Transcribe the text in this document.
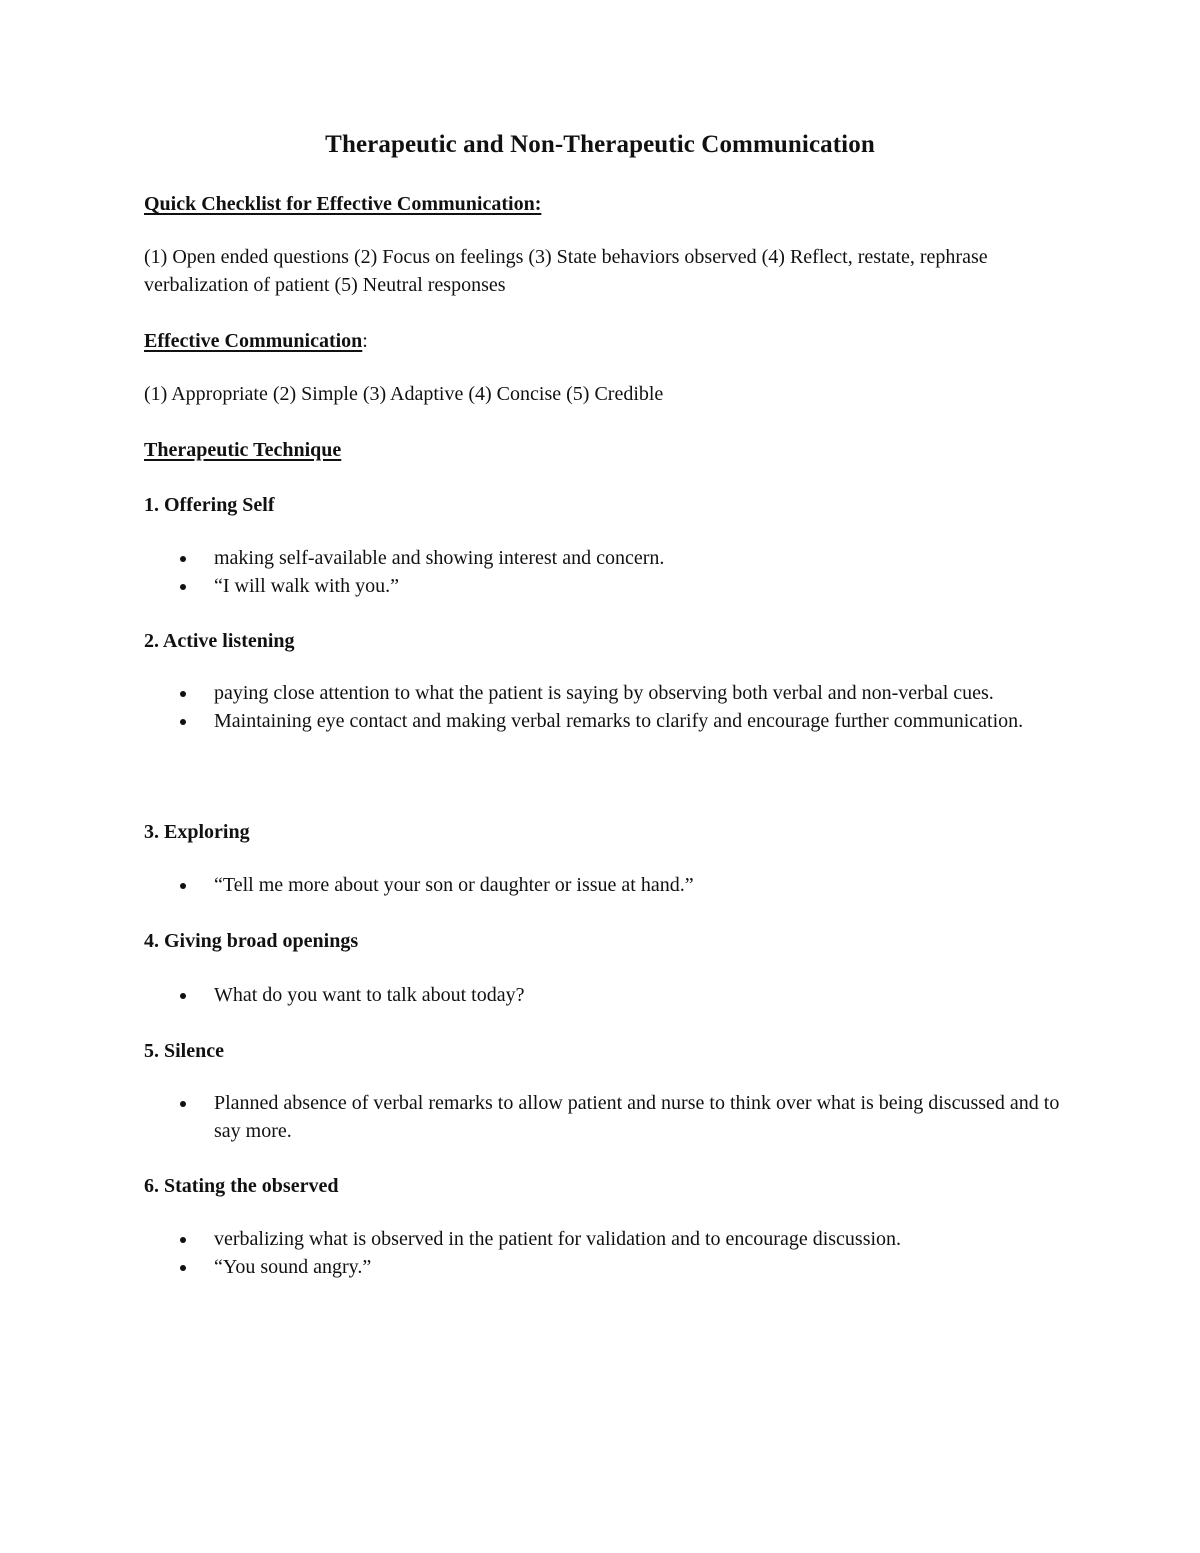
Therapeutic and Non-Therapeutic Communication

Quick Checklist for Effective Communication:

(1) Open ended questions (2) Focus on feelings (3) State behaviors observed (4) Reflect, restate, rephrase verbalization of patient (5) Neutral responses

Effective Communication:

(1) Appropriate (2) Simple (3) Adaptive (4) Concise (5) Credible

Therapeutic Technique

1. Offering Self

making self-available and showing interest and concern.
“I will walk with you.”

2. Active listening

paying close attention to what the patient is saying by observing both verbal and non-verbal cues.
Maintaining eye contact and making verbal remarks to clarify and encourage further communication.

3. Exploring

“Tell me more about your son or daughter or issue at hand.”

4. Giving broad openings

What do you want to talk about today?

5. Silence

Planned absence of verbal remarks to allow patient and nurse to think over what is being discussed and to say more.

6. Stating the observed

verbalizing what is observed in the patient for validation and to encourage discussion.
“You sound angry.”
